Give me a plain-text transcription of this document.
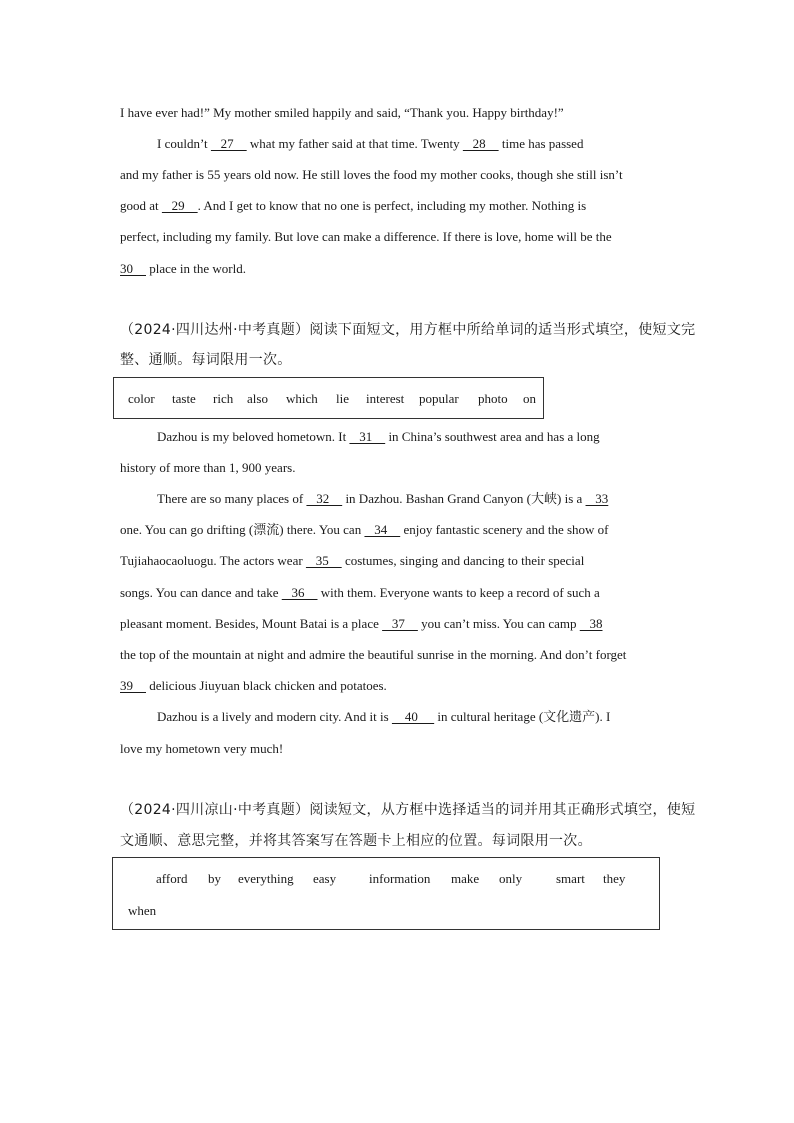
I have ever had!” My mother smiled happily and said, “Thank you. Happy birthday!”
I couldn’t    27     what my father said at that time. Twenty    28     time has passed
and my father is 55 years old now. He still loves the food my mother cooks, though she still isn’t
good at    29    . And I get to know that no one is perfect, including my mother. Nothing is
perfect, including my family. But love can make a difference. If there is love, home will be the
30     place in the world.
（2024·四川达州·中考真题）阅读下面短文，用方框中所给单词的适当形式填空，使短文完
整、通顺。每词限用一次。
color taste rich also which lie interest popular photo on
Dazhou is my beloved hometown. It    31     in China’s southwest area and has a long
history of more than 1, 900 years.
There are so many places of    32     in Dazhou. Bashan Grand Canyon (大峡) is a    33
one. You can go drifting (漂流) there. You can    34     enjoy fantastic scenery and the show of
Tujiahaocaoluogu. The actors wear    35     costumes, singing and dancing to their special
songs. You can dance and take    36     with them. Everyone wants to keep a record of such a
pleasant moment. Besides, Mount Batai is a place    37     you can’t miss. You can camp    38
the top of the mountain at night and admire the beautiful sunrise in the morning. And don’t forget
39     delicious Jiuyuan black chicken and potatoes.
Dazhou is a lively and modern city. And it is     40      in cultural heritage (文化遗产). I
love my hometown very much!
（2024·四川凉山·中考真题）阅读短文，从方框中选择适当的词并用其正确形式填空，使短
文通顺、意思完整，并将其答案写在答题卡上相应的位置。每词限用一次。
afford by everything easy	information make only	smart they
when
